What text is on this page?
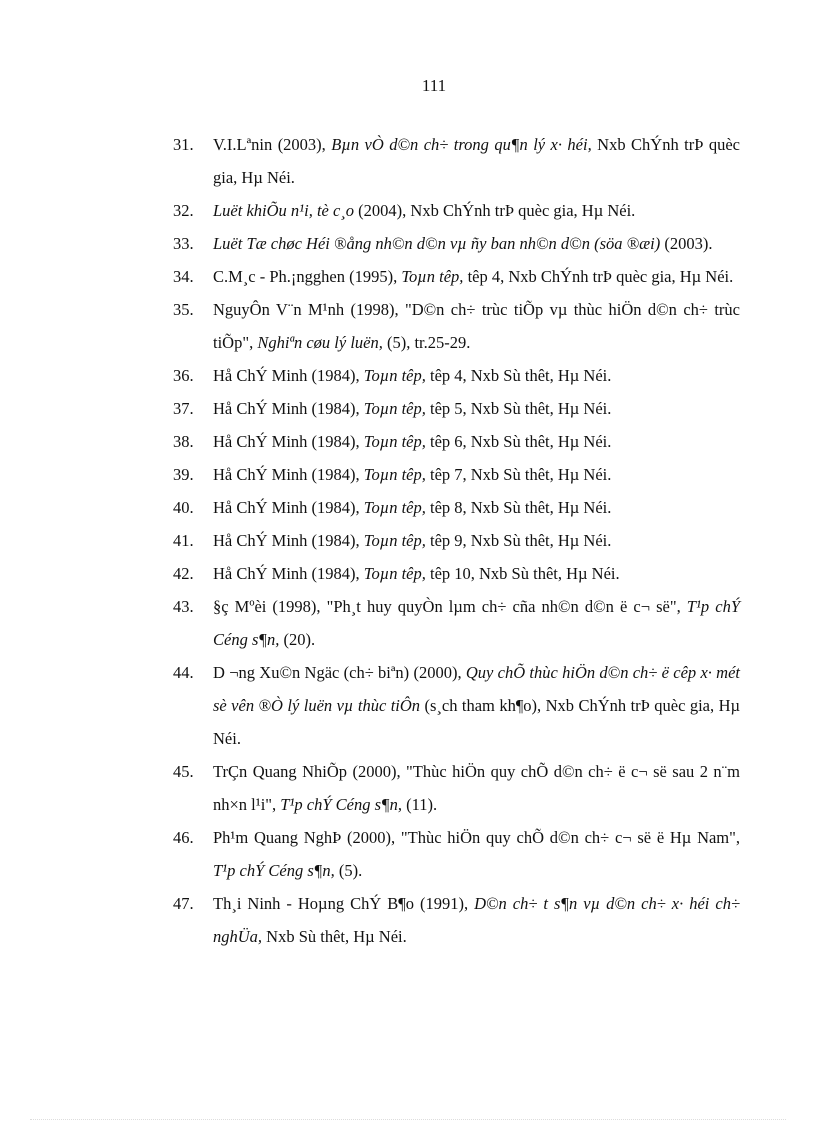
111
31. V.I.Lªnin (2003), Bµn vÒ d©n ch÷ trong qu¶n lý x· héi, Nxb ChÝnh trÞ quèc gia, Hµ Néi.
32. Luët khiÕu n¹i, tè c¸o (2004), Nxb ChÝnh trÞ quèc gia, Hµ Néi.
33. Luët Tæ chøc Héi ®ång nh©n d©n vµ ñy ban nh©n d©n (söa ®æi) (2003).
34. C.M¸c - Ph.¡ngghen (1995), Toµn têp, têp 4, Nxb ChÝnh trÞ quèc gia, Hµ Néi.
35. NguyÔn V¨n M¹nh (1998), "D©n ch÷ trùc tiÕp vµ thùc hiÖn d©n ch÷ trùc tiÕp", Nghiªn cøu lý luën, (5), tr.25-29.
36. Hå ChÝ Minh (1984), Toµn têp, têp 4, Nxb Sù thêt, Hµ Néi.
37. Hå ChÝ Minh (1984), Toµn têp, têp 5, Nxb Sù thêt, Hµ Néi.
38. Hå ChÝ Minh (1984), Toµn têp, têp 6, Nxb Sù thêt, Hµ Néi.
39. Hå ChÝ Minh (1984), Toµn têp, têp 7, Nxb Sù thêt, Hµ Néi.
40. Hå ChÝ Minh (1984), Toµn têp, têp 8, Nxb Sù thêt, Hµ Néi.
41. Hå ChÝ Minh (1984), Toµn têp, têp 9, Nxb Sù thêt, Hµ Néi.
42. Hå ChÝ Minh (1984), Toµn têp, têp 10, Nxb Sù thêt, Hµ Néi.
43. §ç Mºèi (1998), "Ph¸t huy quyÒn lµm ch÷ cña nh©n d©n ë c¬ së", T¹p chÝ Céng s¶n, (20).
44. D ¬ng Xu©n Ngäc (ch÷ biªn) (2000), Quy chÕ thùc hiÖn d©n ch÷ ë cêp x· mét sè vên ®Ò lý luën vµ thùc tiÔn (s¸ch tham kh¶o), Nxb ChÝnh trÞ quèc gia, Hµ Néi.
45. TrÇn Quang NhiÕp (2000), "Thùc hiÖn quy chÕ d©n ch÷ ë c¬ së sau 2 n¨m nh×n l¹i", T¹p chÝ Céng s¶n, (11).
46. Ph¹m Quang NghÞ (2000), "Thùc hiÖn quy chÕ d©n ch÷ c¬ së ë Hµ Nam", T¹p chÝ Céng s¶n, (5).
47. Th¸i Ninh - Hoµng ChÝ B¶o (1991), D©n ch÷ t s¶n vµ d©n ch÷ x· héi ch÷ nghÜa, Nxb Sù thêt, Hµ Néi.
